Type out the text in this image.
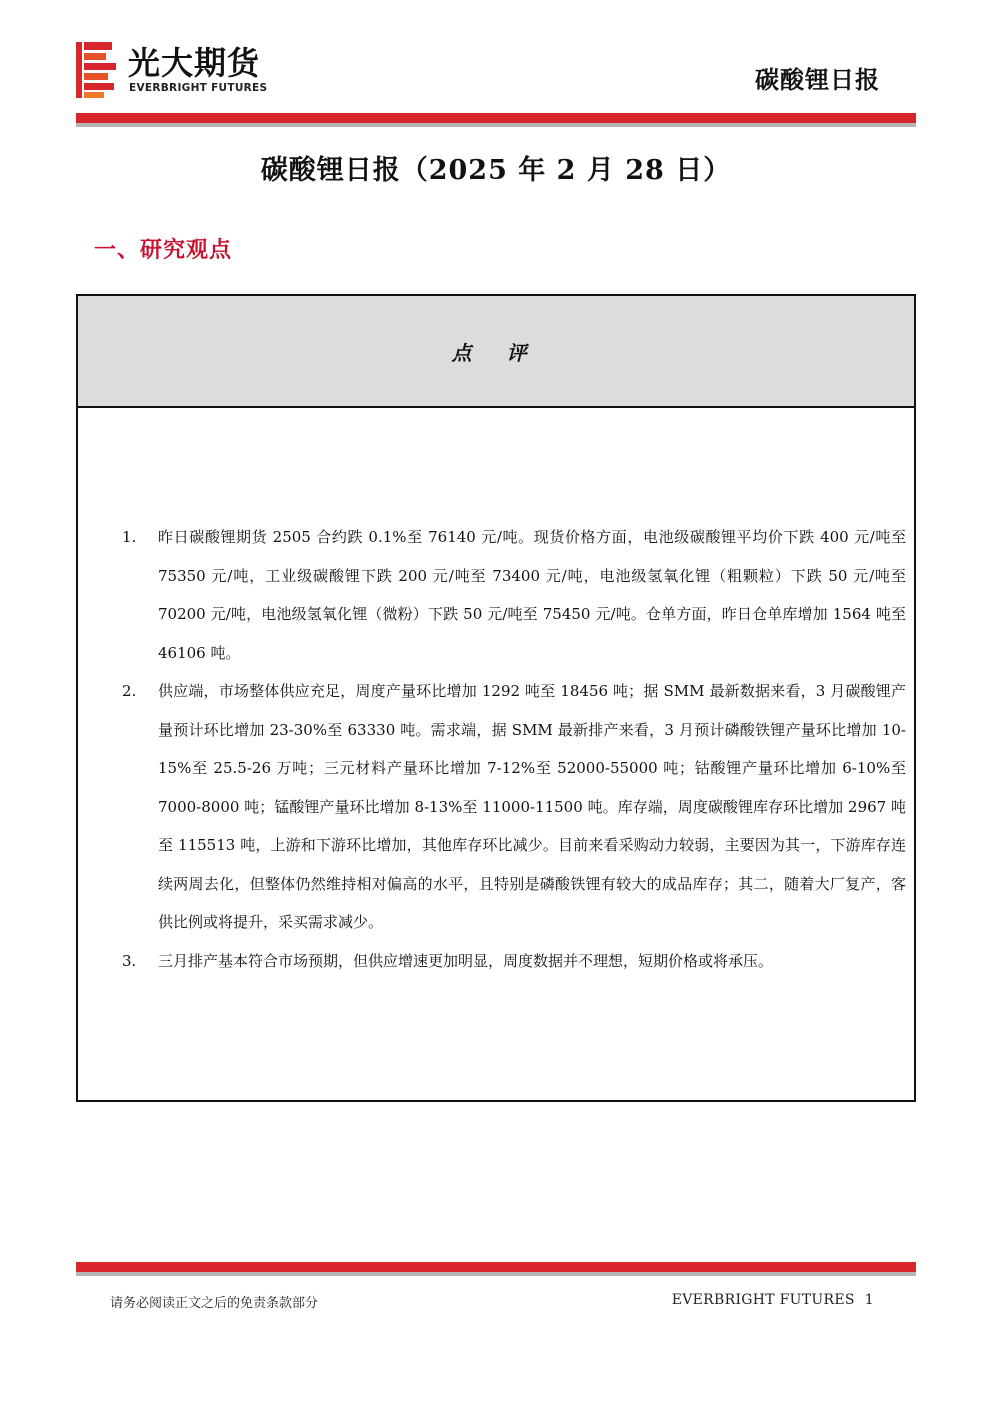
光大期货
EVERBRIGHT FUTURES	碳酸锂日报
碳酸锂日报（2025 年 2 月 28 日）
一、研究观点
点 评
1. 昨日碳酸锂期货 2505 合约跌 0.1%至 76140 元/吨。现货价格方面，电池级碳酸锂平均价下跌 400 元/吨至 75350 元/吨，工业级碳酸锂下跌 200 元/吨至 73400 元/吨，电池级氢氧化锂（粗颗粒）下跌 50 元/吨至 70200 元/吨，电池级氢氧化锂（微粉）下跌 50 元/吨至 75450 元/吨。仓单方面，昨日仓单库增加 1564 吨至 46106 吨。
2. 供应端，市场整体供应充足，周度产量环比增加 1292 吨至 18456 吨；据 SMM 最新数据来看，3 月碳酸锂产量预计环比增加 23-30%至 63330 吨。需求端，据 SMM 最新排产来看，3 月预计磷酸铁锂产量环比增加 10-15%至 25.5-26 万吨；三元材料产量环比增加 7-12%至 52000-55000 吨；钴酸锂产量环比增加 6-10%至 7000-8000 吨；锰酸锂产量环比增加 8-13%至 11000-11500 吨。库存端，周度碳酸锂库存环比增加 2967 吨至 115513 吨，上游和下游环比增加，其他库存环比减少。目前来看采购动力较弱，主要因为其一，下游库存连续两周去化，但整体仍然维持相对偏高的水平，且特别是磷酸铁锂有较大的成品库存；其二，随着大厂复产，客供比例或将提升，采买需求减少。
3. 三月排产基本符合市场预期，但供应增速更加明显，周度数据并不理想，短期价格或将承压。
请务必阅读正文之后的免责条款部分	EVERBRIGHT FUTURES 1
